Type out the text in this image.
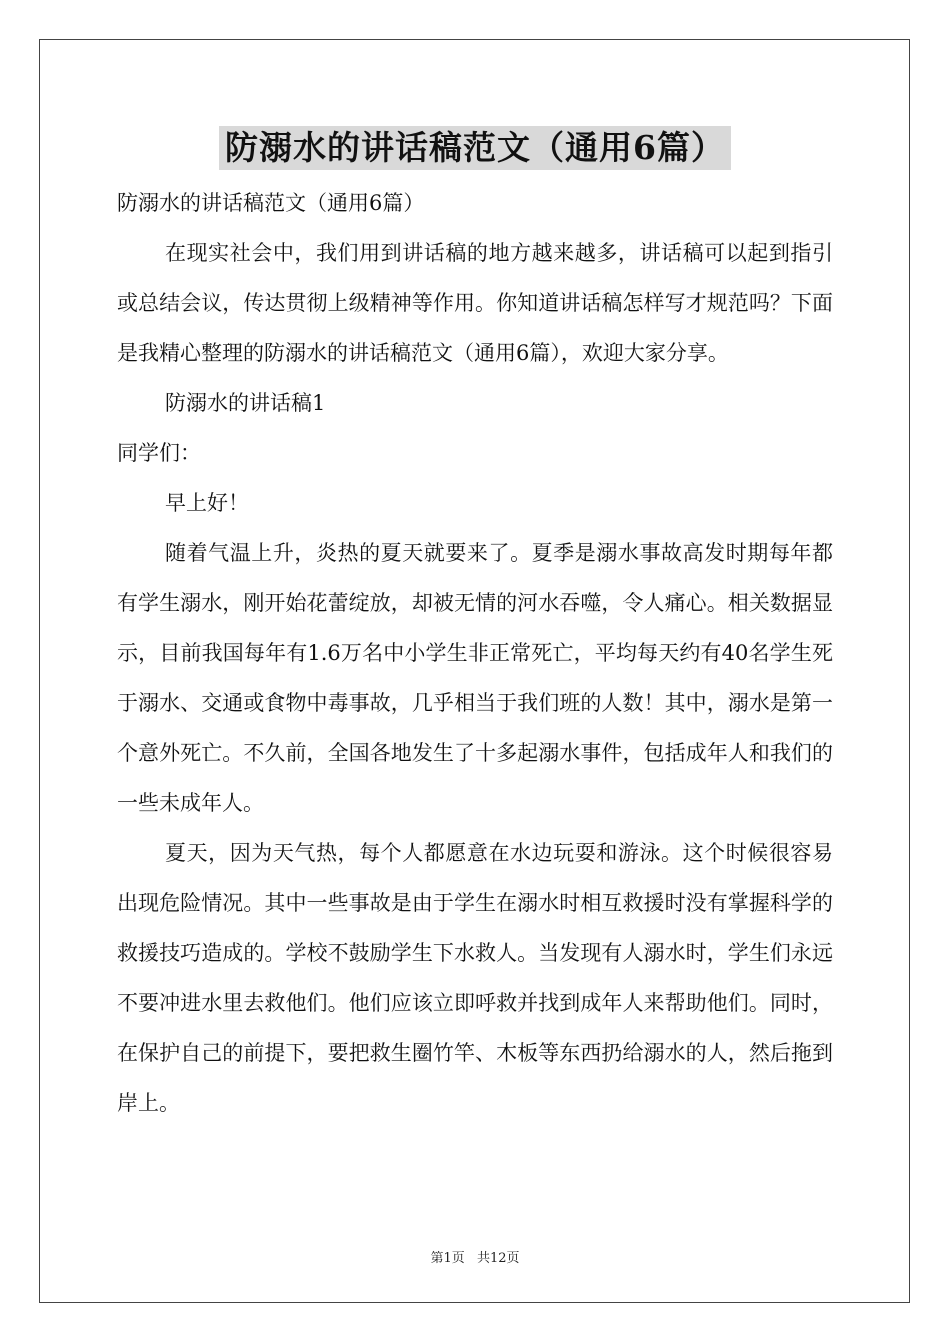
防溺水的讲话稿范文（通用6篇）

防溺水的讲话稿范文（通用6篇）

在现实社会中，我们用到讲话稿的地方越来越多，讲话稿可以起到指引或总结会议，传达贯彻上级精神等作用。你知道讲话稿怎样写才规范吗？下面是我精心整理的防溺水的讲话稿范文（通用6篇），欢迎大家分享。

防溺水的讲话稿1

同学们：

早上好！

随着气温上升，炎热的夏天就要来了。夏季是溺水事故高发时期每年都有学生溺水，刚开始花蕾绽放，却被无情的河水吞噬，令人痛心。相关数据显示，目前我国每年有1.6万名中小学生非正常死亡，平均每天约有40名学生死于溺水、交通或食物中毒事故，几乎相当于我们班的人数！其中，溺水是第一个意外死亡。不久前，全国各地发生了十多起溺水事件，包括成年人和我们的一些未成年人。

夏天，因为天气热，每个人都愿意在水边玩耍和游泳。这个时候很容易出现危险情况。其中一些事故是由于学生在溺水时相互救援时没有掌握科学的救援技巧造成的。学校不鼓励学生下水救人。当发现有人溺水时，学生们永远不要冲进水里去救他们。他们应该立即呼救并找到成年人来帮助他们。同时，在保护自己的前提下，要把救生圈竹竿、木板等东西扔给溺水的人，然后拖到岸上。

第1页 共12页
